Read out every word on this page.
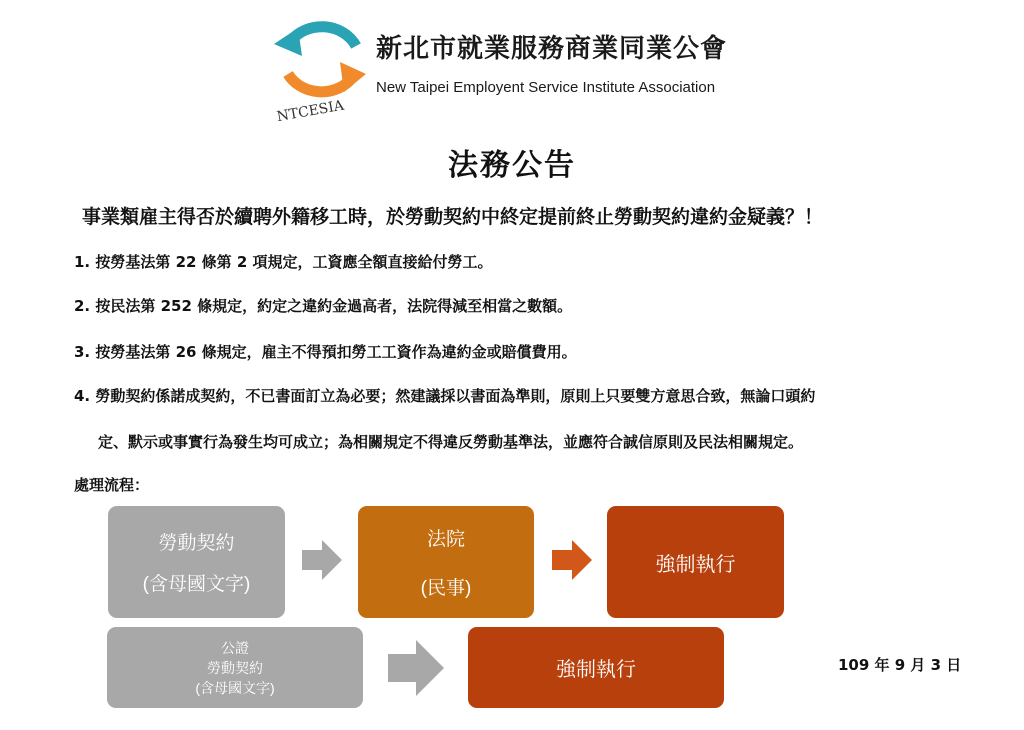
NTCESIA
新北市就業服務商業同業公會
New Taipei Employent Service Institute Association
法務公告
事業類雇主得否於續聘外籍移工時，於勞動契約中終定提前終止勞動契約違約金疑義？！
1. 按勞基法第 22 條第 2 項規定，工資應全額直接給付勞工。
2. 按民法第 252 條規定，約定之違約金過高者，法院得減至相當之數額。
3. 按勞基法第 26 條規定，雇主不得預扣勞工工資作為違約金或賠償費用。
4. 勞動契約係諾成契約，不已書面訂立為必要；然建議採以書面為準則，原則上只要雙方意思合致，無論口頭約
定、默示或事實行為發生均可成立；為相關規定不得違反勞動基準法，並應符合誠信原則及民法相關規定。
處理流程：
勞動契約
(含母國文字)
法院
(民事)
強制執行
公證
勞動契約
(含母國文字)
強制執行	109 年 9 月 3 日
